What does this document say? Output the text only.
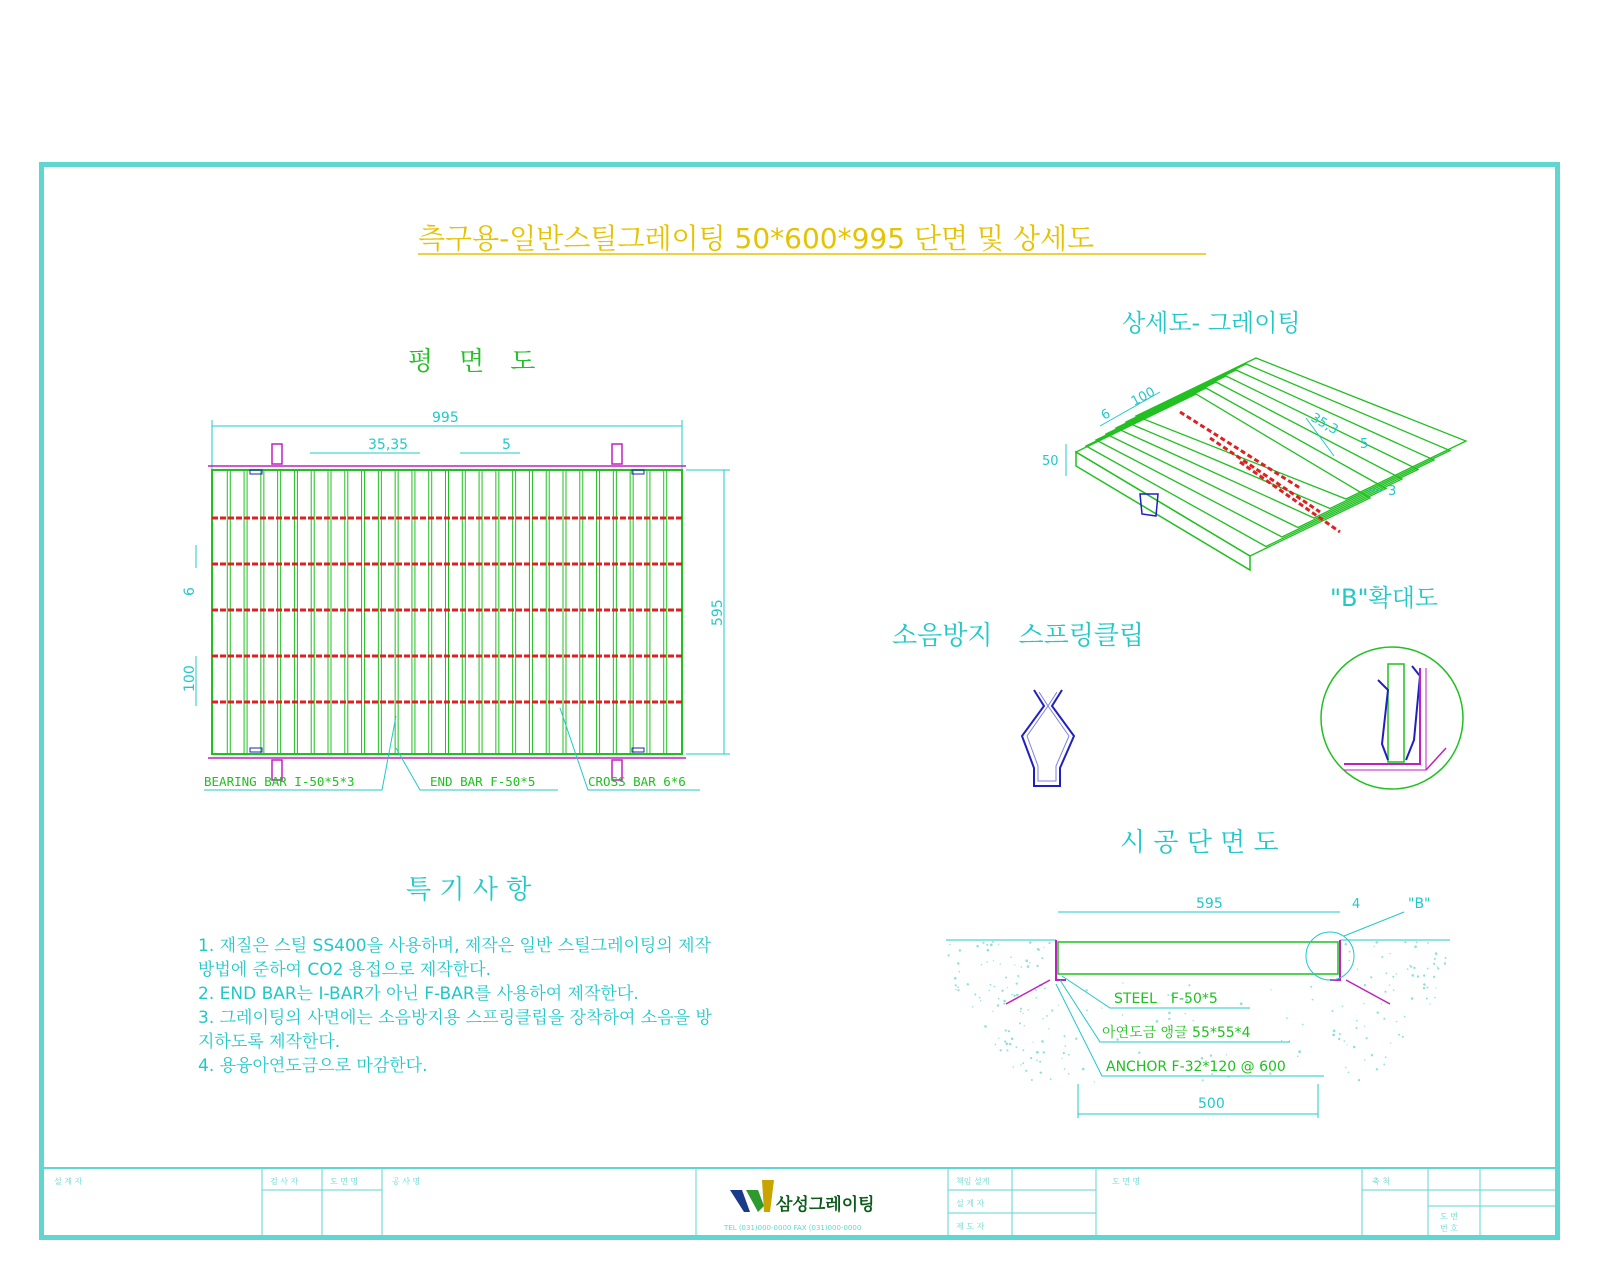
측구용-일반스틸그레이팅 50*600*995 단면 및 상세도
평　면　도
995
35,35	5
595
6
100
BEARING BAR I-50*5*3	END BAR F-50*5	CROSS BAR 6*6
상세도- 그레이팅
50
6
100
35,3
5
3
소음방지　스프링클립
"B"확대도
시 공 단 면 도
595	4	"B"
STEEL　F-50*5
아연도금 앵글 55*55*4
ANCHOR F-32*120 @ 600
500
특 기 사 항
1. 재질은 스틸 SS400을 사용하며, 제작은 일반 스틸그레이팅의 제작
방법에 준하여 CO2 용접으로 제작한다.
2. END BAR는 I-BAR가 아닌 F-BAR를 사용하여 제작한다.
3. 그레이팅의 사면에는 소음방지용 스프링클립을 장착하여 소음을 방
지하도록 제작한다.
4. 용융아연도금으로 마감한다.
설 계 자	검 사 자	도 면 명	공 사 명	책임 설계
설 계 자
제 도 자
도 면 명	축 척
도 번
번 호
삼성그레이팅
TEL (031)000-0000 FAX (031)000-0000
